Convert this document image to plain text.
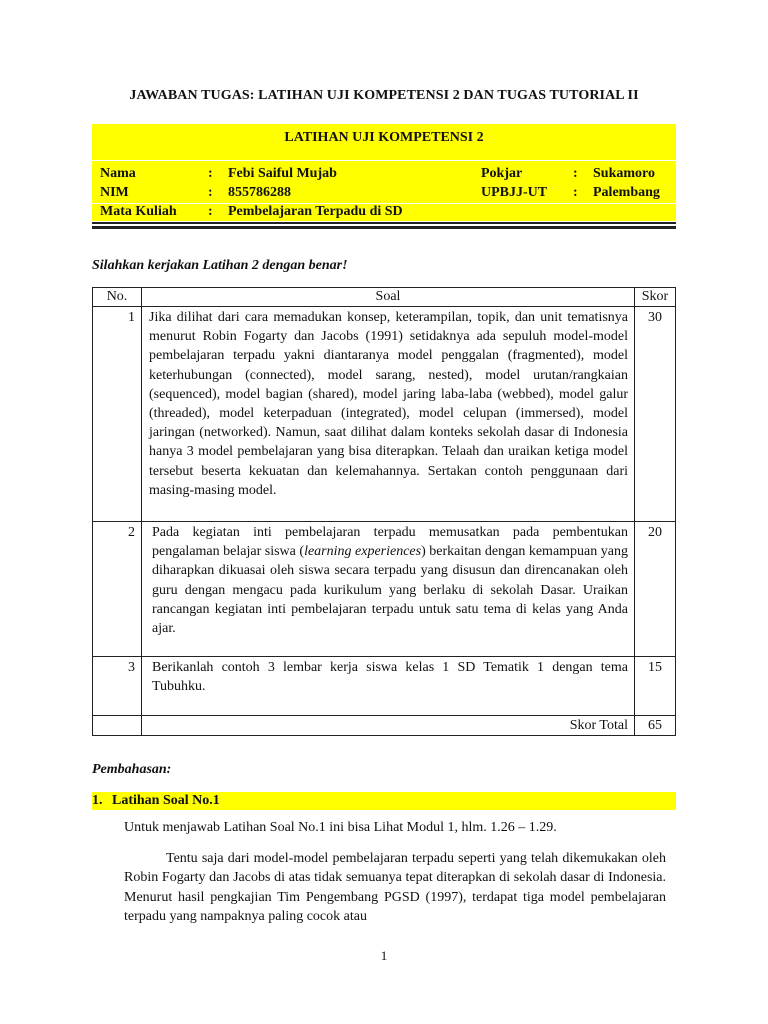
JAWABAN TUGAS: LATIHAN UJI KOMPETENSI 2 DAN TUGAS TUTORIAL II
LATIHAN UJI KOMPETENSI 2
Nama	: Febi Saiful Mujab	Pokjar	: Sukamoro
NIM	: 855786288	UPBJJ-UT : Palembang
Mata Kuliah : Pembelajaran Terpadu di SD
Silahkan kerjakan Latihan 2 dengan benar!
No.	Soal	Skor
1	Jika dilihat dari cara memadukan konsep, keterampilan, topik, dan unit tematisnya menurut Robin Fogarty dan Jacobs (1991) setidaknya ada sepuluh model-model pembelajaran terpadu yakni diantaranya model penggalan (fragmented), model keterhubungan (connected), model sarang, nested), model urutan/rangkaian (sequenced), model bagian (shared), model jaring laba-laba (webbed), model galur (threaded), model keterpaduan (integrated), model celupan (immersed), model jaringan (networked). Namun, saat dilihat dalam konteks sekolah dasar di Indonesia hanya 3 model pembelajaran yang bisa diterapkan. Telaah dan uraikan ketiga model tersebut beserta kekuatan dan kelemahannya. Sertakan contoh penggunaan dari masing-masing model.	30
2	Pada kegiatan inti pembelajaran terpadu memusatkan pada pembentukan pengalaman belajar siswa (learning experiences) berkaitan dengan kemampuan yang diharapkan dikuasai oleh siswa secara terpadu yang disusun dan direncanakan oleh guru dengan mengacu pada kurikulum yang berlaku di sekolah Dasar. Uraikan rancangan kegiatan inti pembelajaran terpadu untuk satu tema di kelas yang Anda ajar.	20
3	Berikanlah contoh 3 lembar kerja siswa kelas 1 SD Tematik 1 dengan tema Tubuhku.	15
	Skor Total	65
Pembahasan:
1. Latihan Soal No.1
Untuk menjawab Latihan Soal No.1 ini bisa Lihat Modul 1, hlm. 1.26 – 1.29.
Tentu saja dari model-model pembelajaran terpadu seperti yang telah dikemukakan oleh Robin Fogarty dan Jacobs di atas tidak semuanya tepat diterapkan di sekolah dasar di Indonesia. Menurut hasil pengkajian Tim Pengembang PGSD (1997), terdapat tiga model pembelajaran terpadu yang nampaknya paling cocok atau
1
